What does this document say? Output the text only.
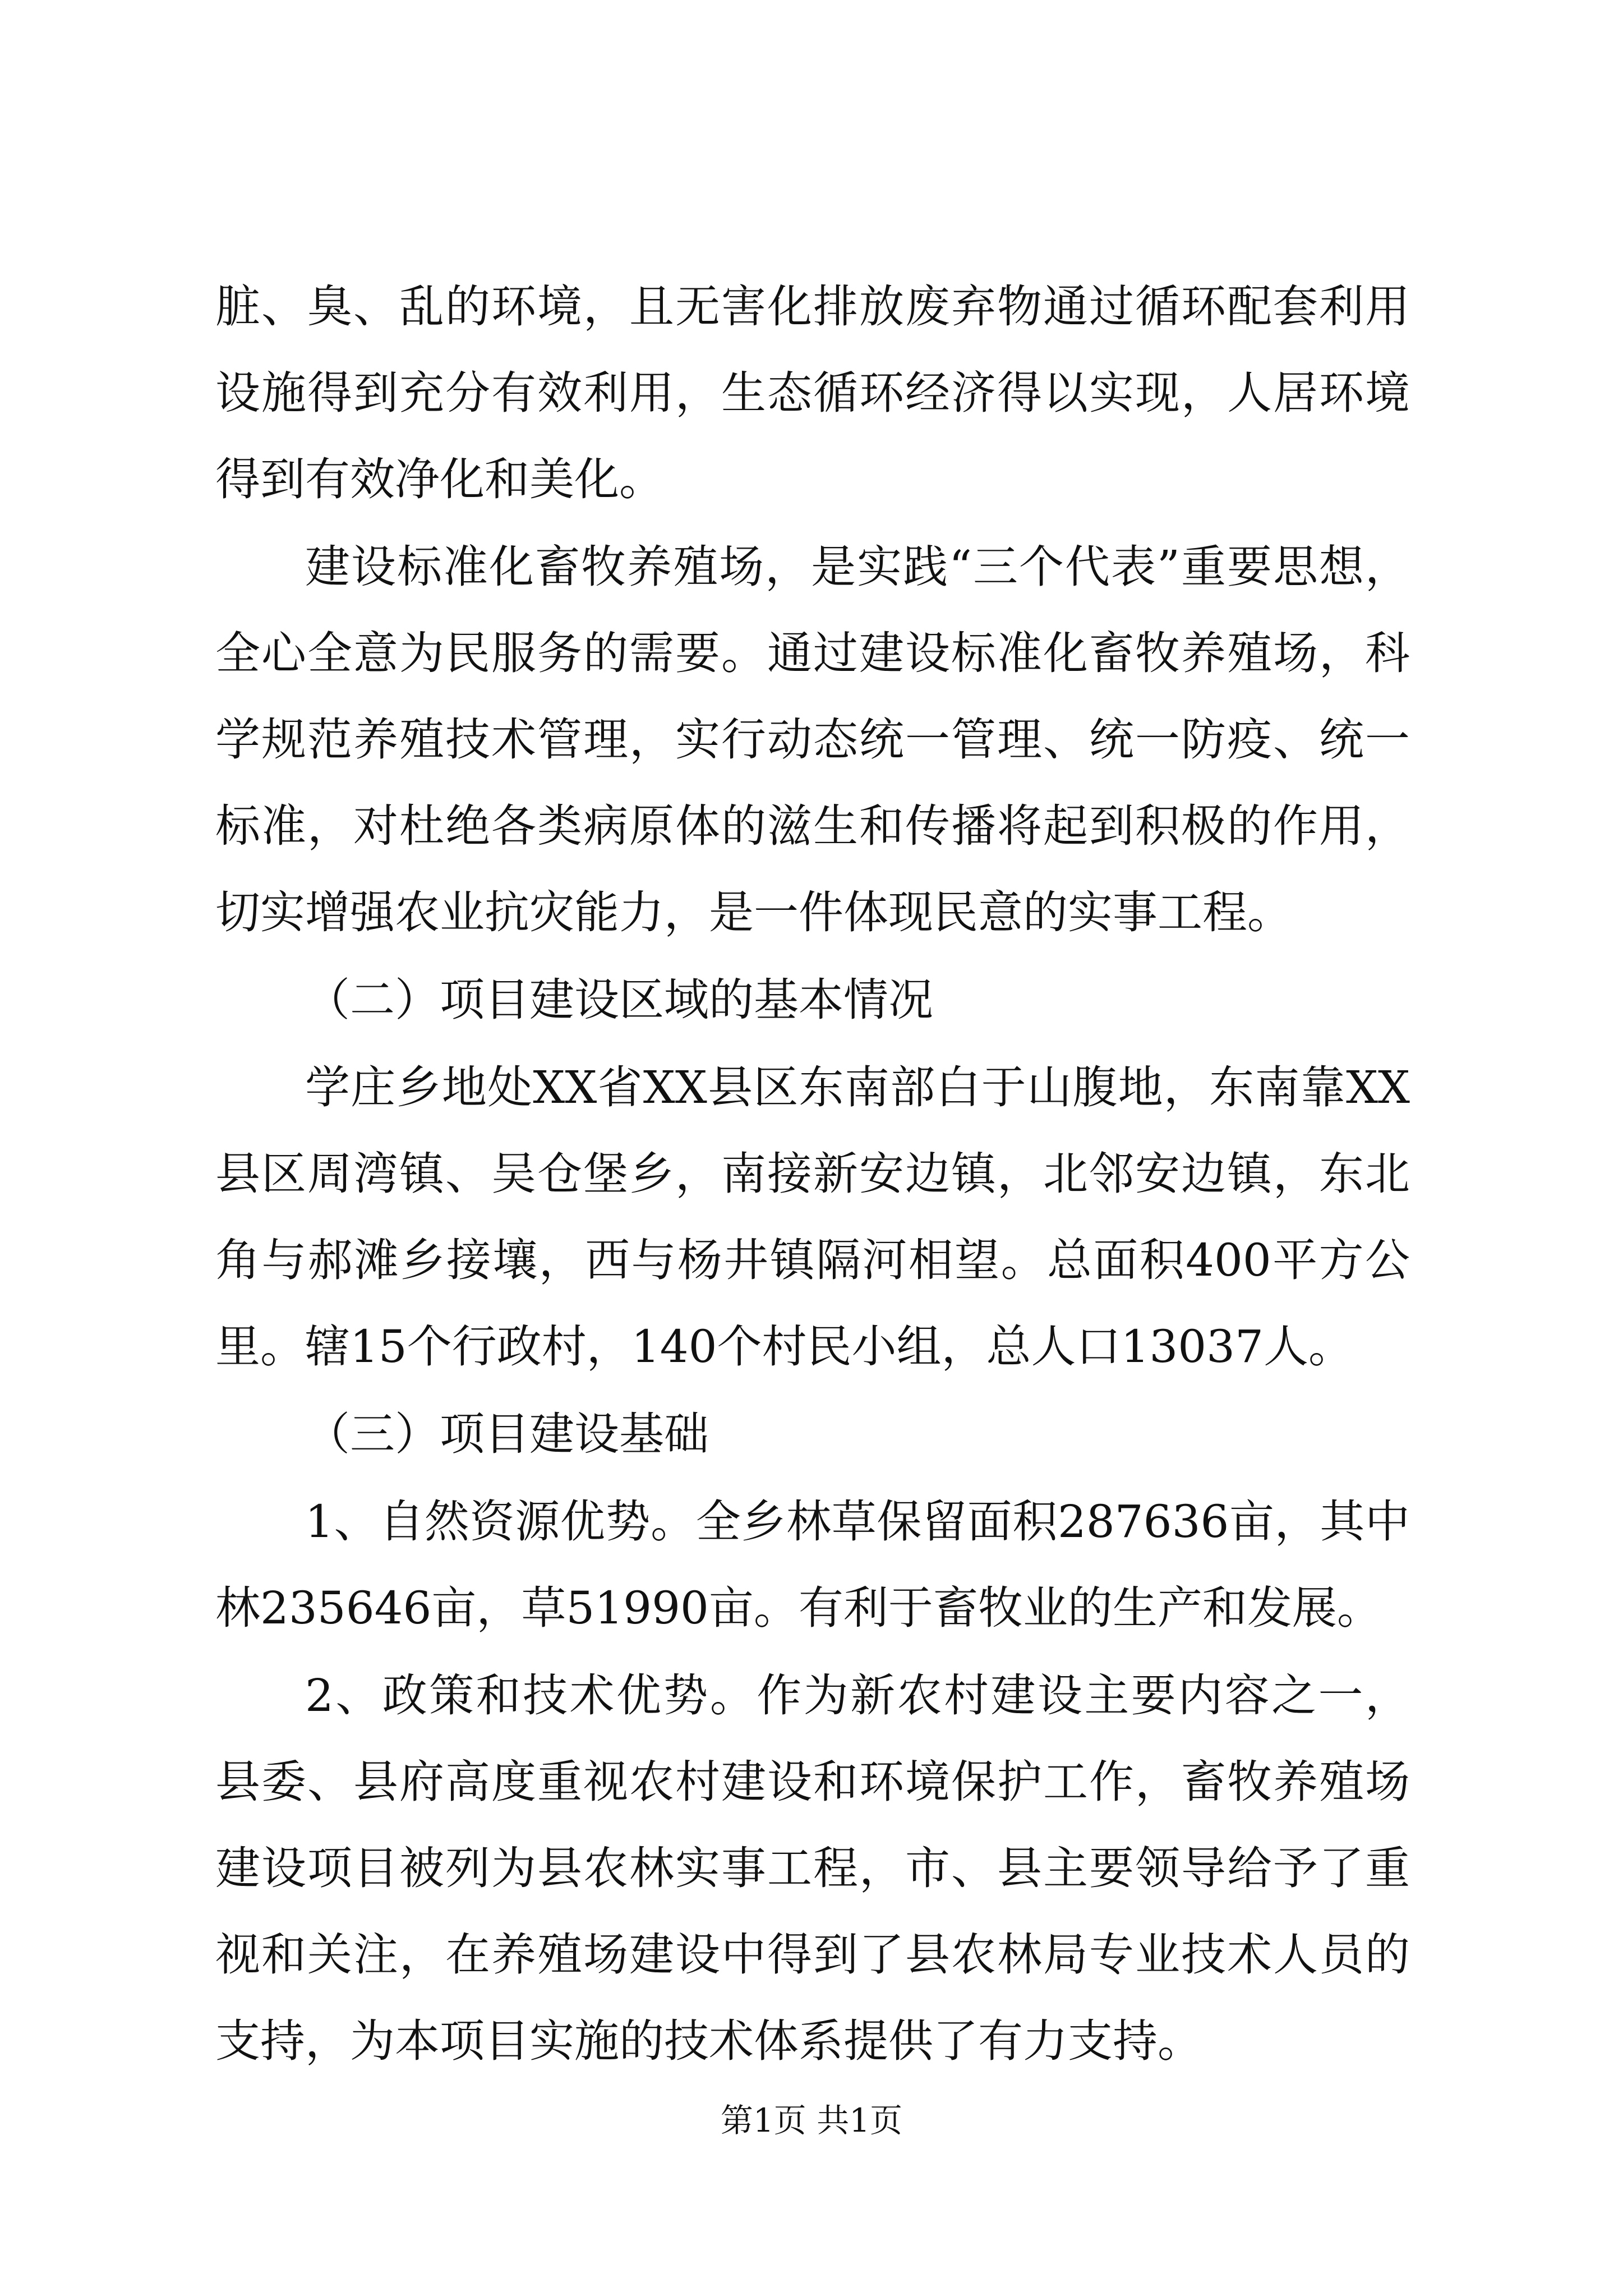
脏、臭、乱的环境，且无害化排放废弃物通过循环配套利用设施得到充分有效利用，生态循环经济得以实现，人居环境得到有效净化和美化。

建设标准化畜牧养殖场，是实践“三个代表”重要思想，全心全意为民服务的需要。通过建设标准化畜牧养殖场，科学规范养殖技术管理，实行动态统一管理、统一防疫、统一标准，对杜绝各类病原体的滋生和传播将起到积极的作用，切实增强农业抗灾能力，是一件体现民意的实事工程。

（二）项目建设区域的基本情况

学庄乡地处XX省XX县区东南部白于山腹地，东南靠XX县区周湾镇、吴仓堡乡，南接新安边镇，北邻安边镇，东北角与郝滩乡接壤，西与杨井镇隔河相望。总面积400平方公里。辖15个行政村，140个村民小组，总人口13037人。

（三）项目建设基础

1、自然资源优势。全乡林草保留面积287636亩，其中林235646亩，草51990亩。有利于畜牧业的生产和发展。

2、政策和技术优势。作为新农村建设主要内容之一，县委、县府高度重视农村建设和环境保护工作，畜牧养殖场建设项目被列为县农林实事工程，市、县主要领导给予了重视和关注，在养殖场建设中得到了县农林局专业技术人员的支持，为本项目实施的技术体系提供了有力支持。

第1页 共1页
